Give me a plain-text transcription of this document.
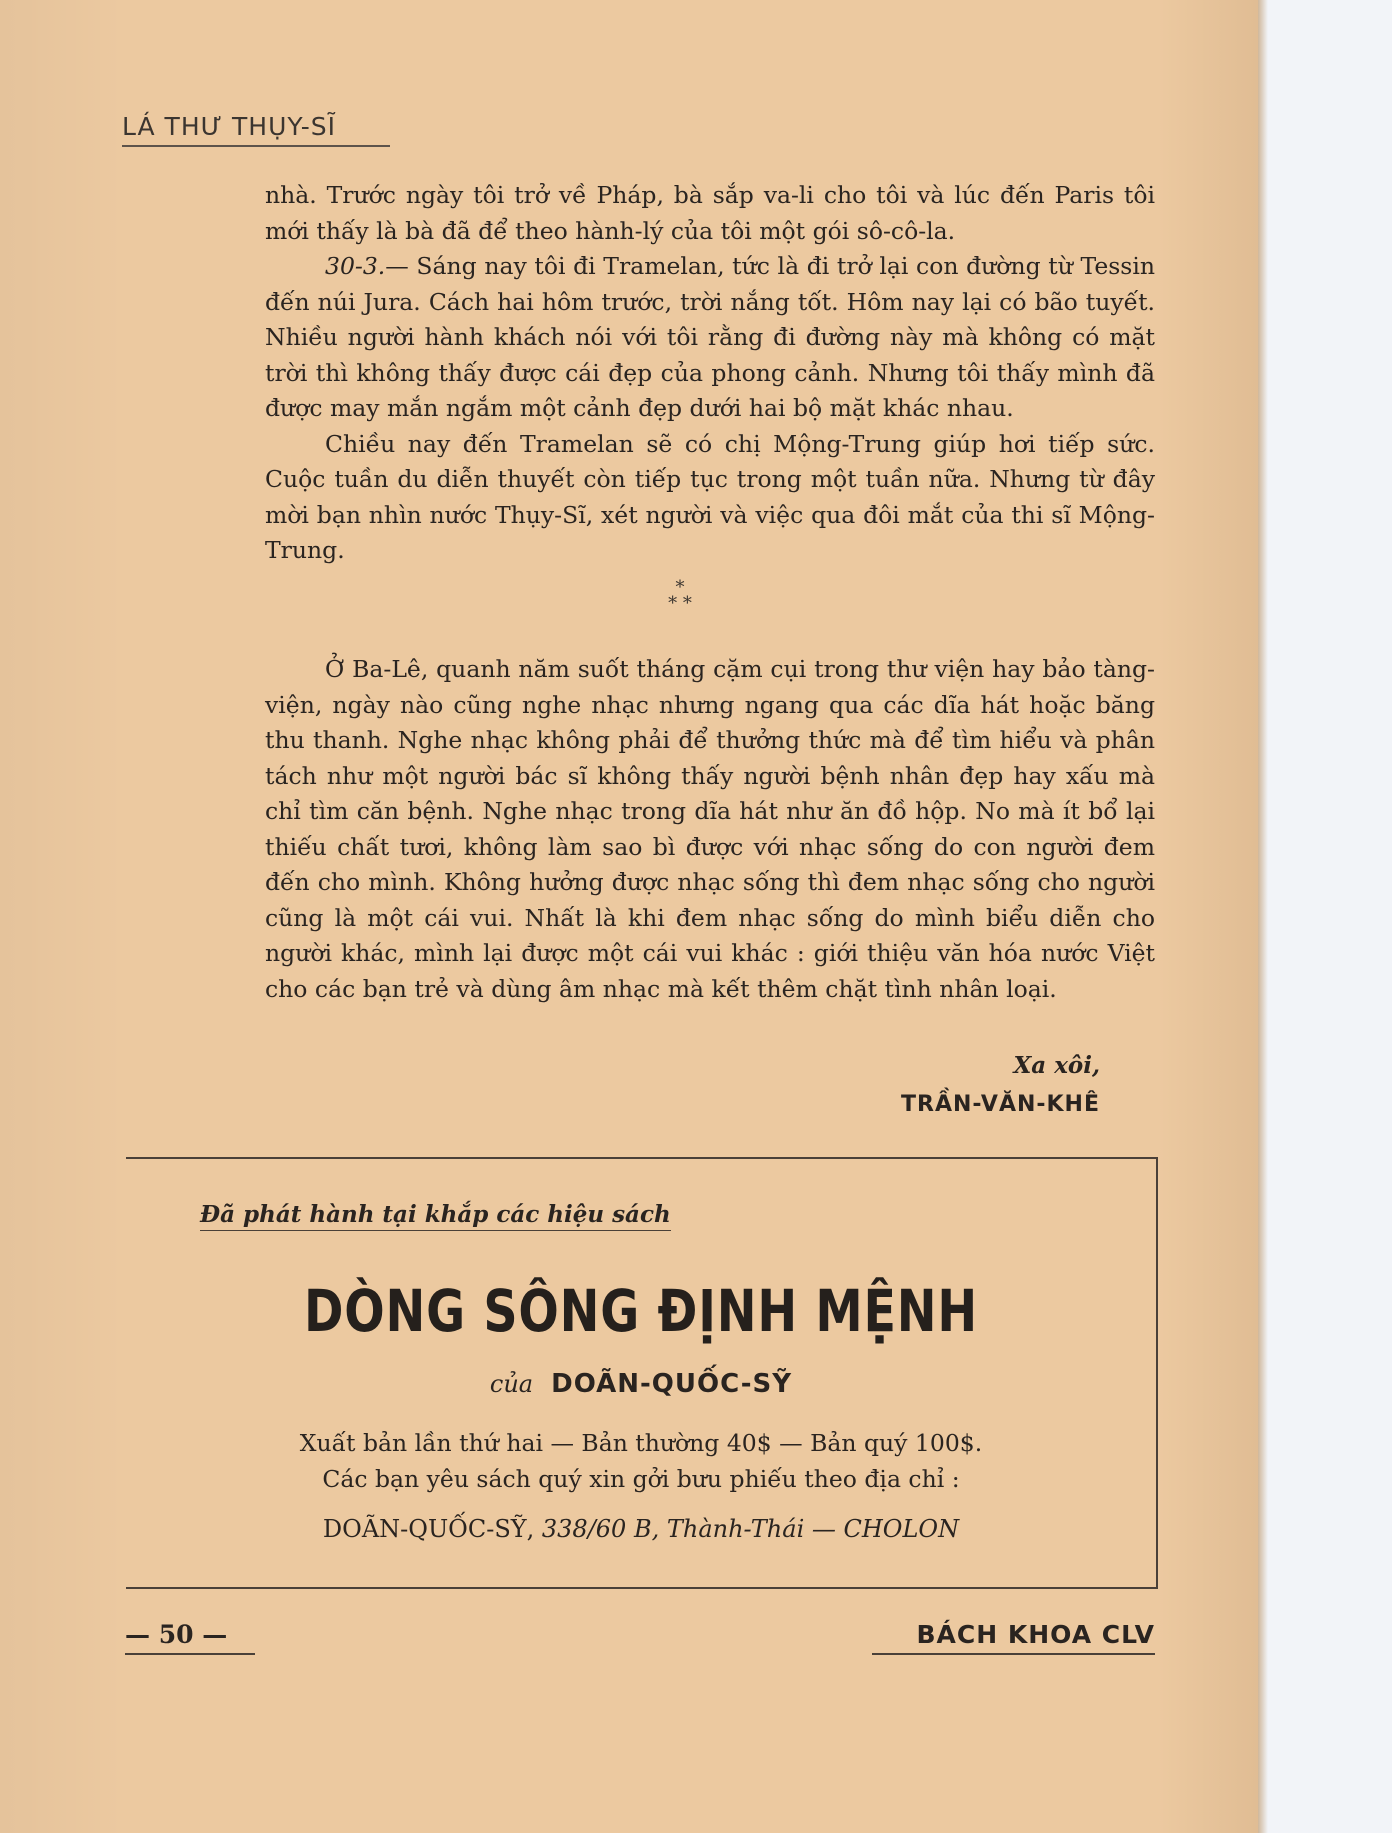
LÁ THƯ THỤY-SĨ

nhà. Trước ngày tôi trở về Pháp, bà sắp va-li cho tôi và lúc đến Paris tôi mới thấy là bà đã để theo hành-lý của tôi một gói sô-cô-la.

30-3.— Sáng nay tôi đi Tramelan, tức là đi trở lại con đường từ Tessin đến núi Jura. Cách hai hôm trước, trời nắng tốt. Hôm nay lại có bão tuyết. Nhiều người hành khách nói với tôi rằng đi đường này mà không có mặt trời thì không thấy được cái đẹp của phong cảnh. Nhưng tôi thấy mình đã được may mắn ngắm một cảnh đẹp dưới hai bộ mặt khác nhau.

Chiều nay đến Tramelan sẽ có chị Mộng-Trung giúp hơi tiếp sức. Cuộc tuần du diễn thuyết còn tiếp tục trong một tuần nữa. Nhưng từ đây mời bạn nhìn nước Thụy-Sĩ, xét người và việc qua đôi mắt của thi sĩ Mộng-Trung.

*
* *

Ở Ba-Lê, quanh năm suốt tháng cặm cụi trong thư viện hay bảo tàng-viện, ngày nào cũng nghe nhạc nhưng ngang qua các dĩa hát hoặc băng thu thanh. Nghe nhạc không phải để thưởng thức mà để tìm hiểu và phân tách như một người bác sĩ không thấy người bệnh nhân đẹp hay xấu mà chỉ tìm căn bệnh. Nghe nhạc trong dĩa hát như ăn đồ hộp. No mà ít bổ lại thiếu chất tươi, không làm sao bì được với nhạc sống do con người đem đến cho mình. Không hưởng được nhạc sống thì đem nhạc sống cho người cũng là một cái vui. Nhất là khi đem nhạc sống do mình biểu diễn cho người khác, mình lại được một cái vui khác : giới thiệu văn hóa nước Việt cho các bạn trẻ và dùng âm nhạc mà kết thêm chặt tình nhân loại.

Xa xôi,
TRẦN-VĂN-KHÊ
Đã phát hành tại khắp các hiệu sách
DÒNG SÔNG ĐỊNH MỆNH
của DOÃN-QUỐC-SỸ
Xuất bản lần thứ hai — Bản thường 40$ — Bản quý 100$.
Các bạn yêu sách quý xin gởi bưu phiếu theo địa chỉ :
DOÃN-QUỐC-SỸ, 338/60 B, Thành-Thái — CHOLON
— 50 —	BÁCH KHOA CLV
